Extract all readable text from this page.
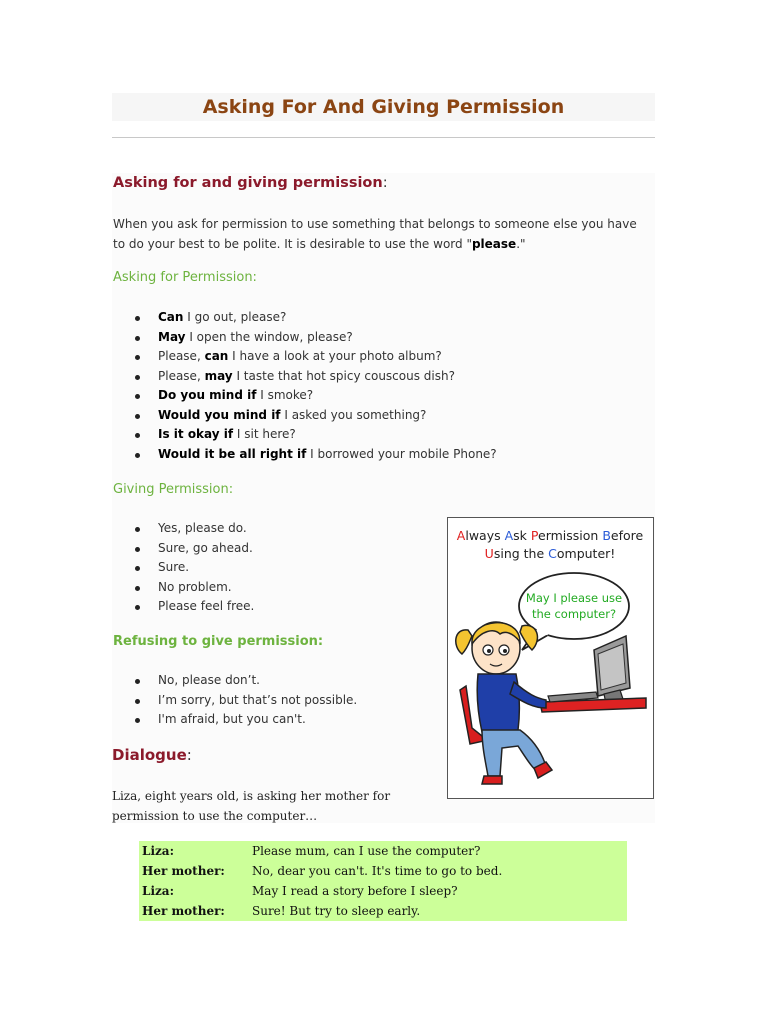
Asking For And Giving Permission
Asking for and giving permission:
When you ask for permission to use something that belongs to someone else you have to do your best to be polite. It is desirable to use the word "please."
Asking for Permission:
Can I go out, please?
May I open the window, please?
Please, can I have a look at your photo album?
Please, may I taste that hot spicy couscous dish?
Do you mind if I smoke?
Would you mind if I asked you something?
Is it okay if I sit here?
Would it be all right if I borrowed your mobile Phone?
Giving Permission:
Yes, please do.
Sure, go ahead.
Sure.
No problem.
Please feel free.
Refusing to give permission:
No, please don’t.
I’m sorry, but that’s not possible.
I'm afraid, but you can't.
Dialogue:
Liza, eight years old, is asking her mother for permission to use the computer…
Liza:	Please mum, can I use the computer?
Her mother: No, dear you can't. It's time to go to bed.
Liza:	May I read a story before I sleep?
Her mother: Sure! But try to sleep early.
Always Ask Permission Before
Using the Computer!
May I please use
the computer?
